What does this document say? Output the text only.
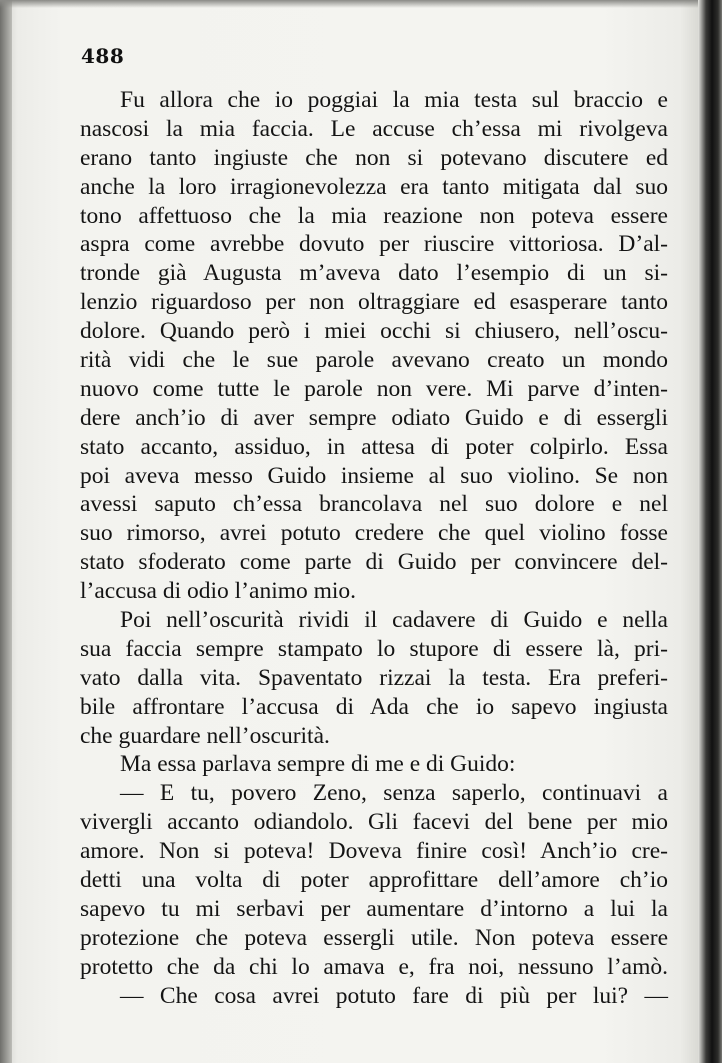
488
Fu allora che io poggiai la mia testa sul braccio e
nascosi la mia faccia. Le accuse ch’essa mi rivolgeva
erano tanto ingiuste che non si potevano discutere ed
anche la loro irragionevolezza era tanto mitigata dal suo
tono affettuoso che la mia reazione non poteva essere
aspra come avrebbe dovuto per riuscire vittoriosa. D’al-
tronde già Augusta m’aveva dato l’esempio di un si-
lenzio riguardoso per non oltraggiare ed esasperare tanto
dolore. Quando però i miei occhi si chiusero, nell’oscu-
rità vidi che le sue parole avevano creato un mondo
nuovo come tutte le parole non vere. Mi parve d’inten-
dere anch’io di aver sempre odiato Guido e di essergli
stato accanto, assiduo, in attesa di poter colpirlo. Essa
poi aveva messo Guido insieme al suo violino. Se non
avessi saputo ch’essa brancolava nel suo dolore e nel
suo rimorso, avrei potuto credere che quel violino fosse
stato sfoderato come parte di Guido per convincere del-
l’accusa di odio l’animo mio.
Poi nell’oscurità rividi il cadavere di Guido e nella
sua faccia sempre stampato lo stupore di essere là, pri-
vato dalla vita. Spaventato rizzai la testa. Era preferi-
bile affrontare l’accusa di Ada che io sapevo ingiusta
che guardare nell’oscurità.
Ma essa parlava sempre di me e di Guido:
— E tu, povero Zeno, senza saperlo, continuavi a
vivergli accanto odiandolo. Gli facevi del bene per mio
amore. Non si poteva! Doveva finire così! Anch’io cre-
detti una volta di poter approfittare dell’amore ch’io
sapevo tu mi serbavi per aumentare d’intorno a lui la
protezione che poteva essergli utile. Non poteva essere
protetto che da chi lo amava e, fra noi, nessuno l’amò.
— Che cosa avrei potuto fare di più per lui? —
